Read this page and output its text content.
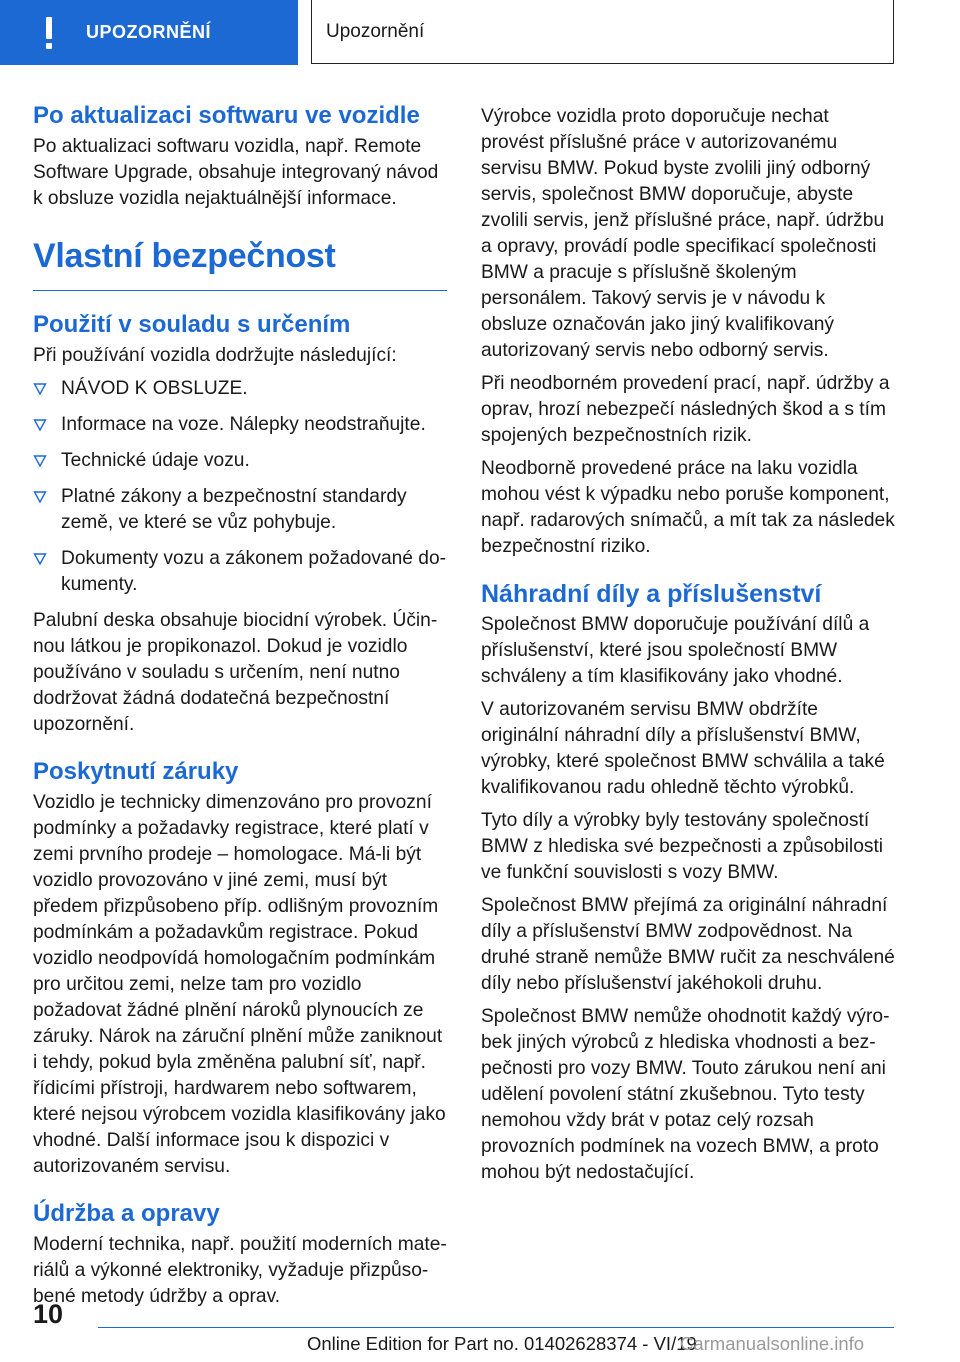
UPOZORNĚNÍ	Upozornění
Po aktualizaci softwaru ve vozidle

Po aktualizaci softwaru vozidla, např. Remote Software Upgrade, obsahuje integrovaný návod k obsluze vozidla nejaktuálnější informace.

Vlastní bezpečnost
Použití v souladu s určením

Při používání vozidla dodržujte následující:

NÁVOD K OBSLUZE.
Informace na voze. Nálepky neodstraňujte.
Technické údaje vozu.
Platné zákony a bezpečnostní standardy země, ve které se vůz pohybuje.
Dokumenty vozu a zákonem požadované dokumenty.

Palubní deska obsahuje biocidní výrobek. Účinnou látkou je propikonazol. Dokud je vozidlo používáno v souladu s určením, není nutno dodržovat žádná dodatečná bezpečnostní upozornění.

Poskytnutí záruky

Vozidlo je technicky dimenzováno pro provozní podmínky a požadavky registrace, které platí v zemi prvního prodeje – homologace. Má-li být vozidlo provozováno v jiné zemi, musí být předem přizpůsobeno příp. odlišným provozním podmínkám a požadavkům registrace. Pokud vozidlo neodpovídá homologačním podmínkám pro určitou zemi, nelze tam pro vozidlo požadovat žádné plnění nároků plynoucích ze záruky. Nárok na záruční plnění může zaniknout i tehdy, pokud byla změněna palubní síť, např. řídicími přístroji, hardwarem nebo softwarem, které nejsou výrobcem vozidla klasifikovány jako vhodné. Další informace jsou k dispozici v autorizovaném servisu.

Údržba a opravy

Moderní technika, např. použití moderních materiálů a výkonné elektroniky, vyžaduje přizpůsobené metody údržby a oprav.

Výrobce vozidla proto doporučuje nechat provést příslušné práce v autorizovanému servisu BMW. Pokud byste zvolili jiný odborný servis, společnost BMW doporučuje, abyste zvolili servis, jenž příslušné práce, např. údržbu a opravy, provádí podle specifikací společnosti BMW a pracuje s příslušně školeným personálem. Takový servis je v návodu k obsluze označován jako jiný kvalifikovaný autorizovaný servis nebo odborný servis.

Při neodborném provedení prací, např. údržby a oprav, hrozí nebezpečí následných škod a s tím spojených bezpečnostních rizik.

Neodborně provedené práce na laku vozidla mohou vést k výpadku nebo poruše komponent, např. radarových snímačů, a mít tak za následek bezpečnostní riziko.

Náhradní díly a příslušenství

Společnost BMW doporučuje používání dílů a příslušenství, které jsou společností BMW schváleny a tím klasifikovány jako vhodné.

V autorizovaném servisu BMW obdržíte originální náhradní díly a příslušenství BMW, výrobky, které společnost BMW schválila a také kvalifikovanou radu ohledně těchto výrobků.

Tyto díly a výrobky byly testovány společností BMW z hlediska své bezpečnosti a způsobilosti ve funkční souvislosti s vozy BMW.

Společnost BMW přejímá za originální náhradní díly a příslušenství BMW zodpovědnost. Na druhé straně nemůže BMW ručit za neschválené díly nebo příslušenství jakéhokoli druhu.

Společnost BMW nemůže ohodnotit každý výrobek jiných výrobců z hlediska vhodnosti a bezpečnosti pro vozy BMW. Touto zárukou není ani udělení povolení státní zkušebnou. Tyto testy nemohou vždy brát v potaz celý rozsah provozních podmínek na vozech BMW, a proto mohou být nedostačující.

10
Online Edition for Part no. 01402628374 - VI/19
Carmanualsonline.info
